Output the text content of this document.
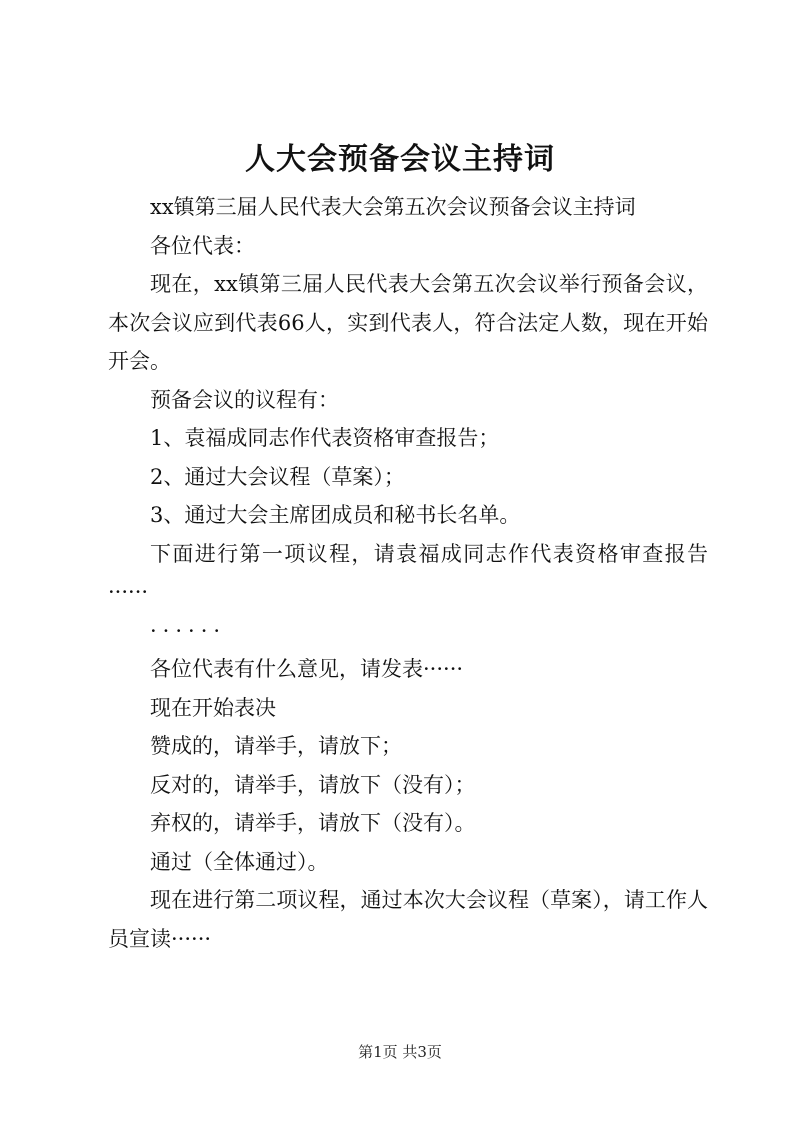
人大会预备会议主持词

xx镇第三届人民代表大会第五次会议预备会议主持词

各位代表：

现在，xx镇第三届人民代表大会第五次会议举行预备会议，本次会议应到代表66人，实到代表人，符合法定人数，现在开始开会。

预备会议的议程有：

1、袁福成同志作代表资格审查报告；

2、通过大会议程（草案）；

3、通过大会主席团成员和秘书长名单。

下面进行第一项议程，请袁福成同志作代表资格审查报告······

······

各位代表有什么意见，请发表······

现在开始表决

赞成的，请举手，请放下；

反对的，请举手，请放下（没有）；

弃权的，请举手，请放下（没有）。

通过（全体通过）。

现在进行第二项议程，通过本次大会议程（草案），请工作人员宣读······

第1页 共3页
